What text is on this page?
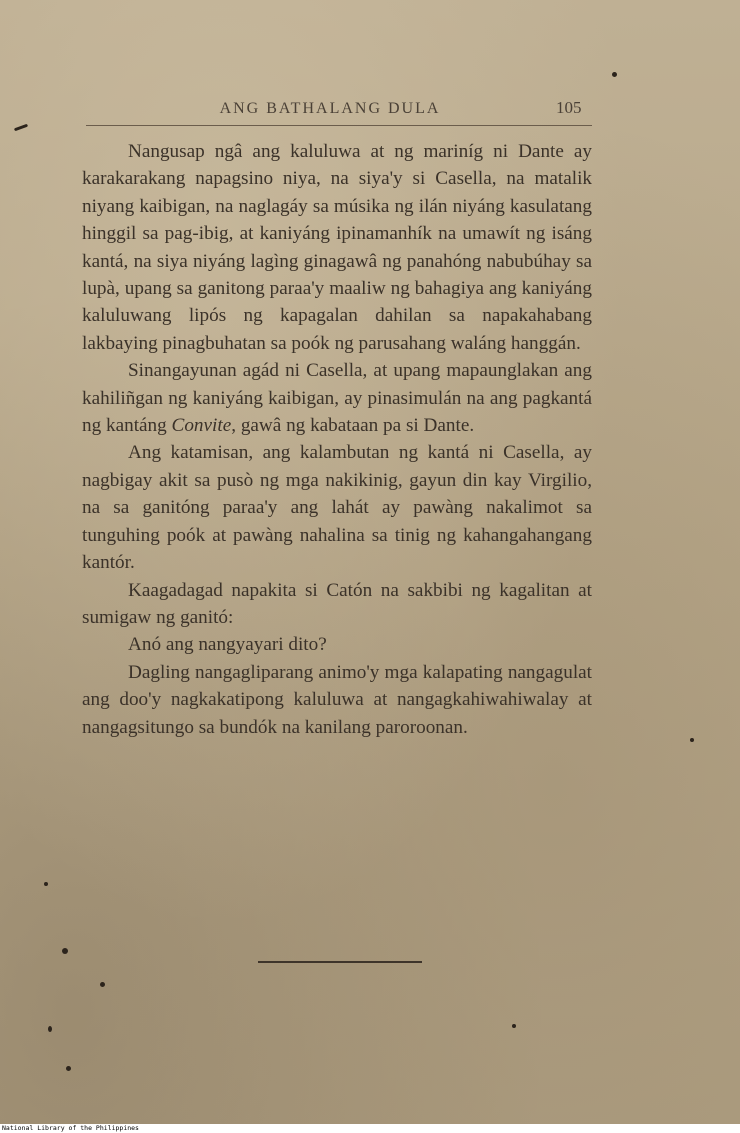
ANG BATHALANG DULA	105

Nangusap ngâ ang kaluluwa at ng mariníg ni Dante ay karakarakang napagsino niya, na siya'y si Casella, na matalik niyang kaibigan, na naglagáy sa músika ng ilán niyáng kasulatang hinggil sa pag-ibig, at kaniyáng ipinamanhík na umawít ng isáng kantá, na siya niyáng lagìng ginagawâ ng panahóng nabubúhay sa lupà, upang sa ganitong paraa'y maaliw ng bahagiya ang kaniyáng kaluluwang lipós ng kapagalan dahilan sa napakahabang lakbaying pinagbuhatan sa poók ng parusahang waláng hanggán.

Sinangayunan agád ni Casella, at upang mapaunglakan ang kahiliñgan ng kaniyáng kaibigan, ay pinasimulán na ang pagkantá ng kantáng Convite, gawâ ng kabataan pa si Dante.

Ang katamisan, ang kalambutan ng kantá ni Casella, ay nagbigay akit sa pusò ng mga nakikinig, gayun din kay Virgilio, na sa ganitóng paraa'y ang lahát ay pawàng nakalimot sa tunguhing poók at pawàng nahalina sa tinig ng kahangahangang kantór.

Kaagadagad napakita si Catón na sakbibi ng kagalitan at sumigaw ng ganitó:

Anó ang nangyayari dito?

Dagling nangagliparang animo'y mga kalapating nangagulat ang doo'y nagkakatipong kaluluwa at nangagkahiwahiwalay at nangagsitungo sa bundók na kanilang paroroonan.

National Library of the Philippines
